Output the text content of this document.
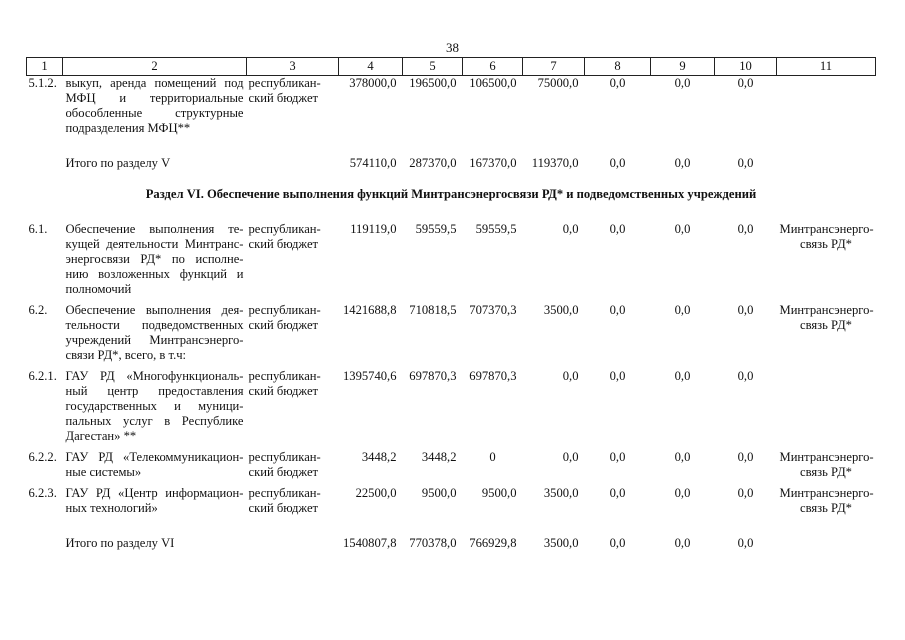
38
1	2	3	4	5	6	7	8	9	10	11
5.1.2.	выкуп, аренда помещений под МФЦ и территориальные обособленные структурные подразделения МФЦ**	республикан-ский бюджет	378000,0	196500,0	106500,0	75000,0	0,0	0,0	0,0	

	Итого по разделу V		574110,0	287370,0	167370,0	119370,0	0,0	0,0	0,0	
Раздел VI. Обеспечение выполнения функций Минтрансэнергосвязи РД* и подведомственных учреждений										
6.1.	Обеспечение выполнения те-кущей деятельности Минтранс-энергосвязи РД* по исполне-нию возложенных функций и полномочий	республикан-ский бюджет	119119,0	59559,5	59559,5	0,0	0,0	0,0	0,0	Минтрансэнерго-связь РД*

6.2.	Обеспечение выполнения дея-тельности подведомственных учреждений Минтрансэнерго-связи РД*, всего, в т.ч:	республикан-ский бюджет	1421688,8	710818,5	707370,3	3500,0	0,0	0,0	0,0	Минтрансэнерго-связь РД*

6.2.1.	ГАУ РД «Многофункциональ-ный центр предоставления государственных и муници-пальных услуг в Республике Дагестан» **	республикан-ский бюджет	1395740,6	697870,3	697870,3	0,0	0,0	0,0	0,0	

6.2.2.	ГАУ РД «Телекоммуникацион-ные системы»	республикан-ский бюджет	3448,2	3448,2	0	0,0	0,0	0,0	0,0	Минтрансэнерго-связь РД*

6.2.3.	ГАУ РД «Центр информацион-ных технологий»	республикан-ский бюджет	22500,0	9500,0	9500,0	3500,0	0,0	0,0	0,0	Минтрансэнерго-связь РД*

	Итого по разделу VI		1540807,8	770378,0	766929,8	3500,0	0,0	0,0	0,0	
